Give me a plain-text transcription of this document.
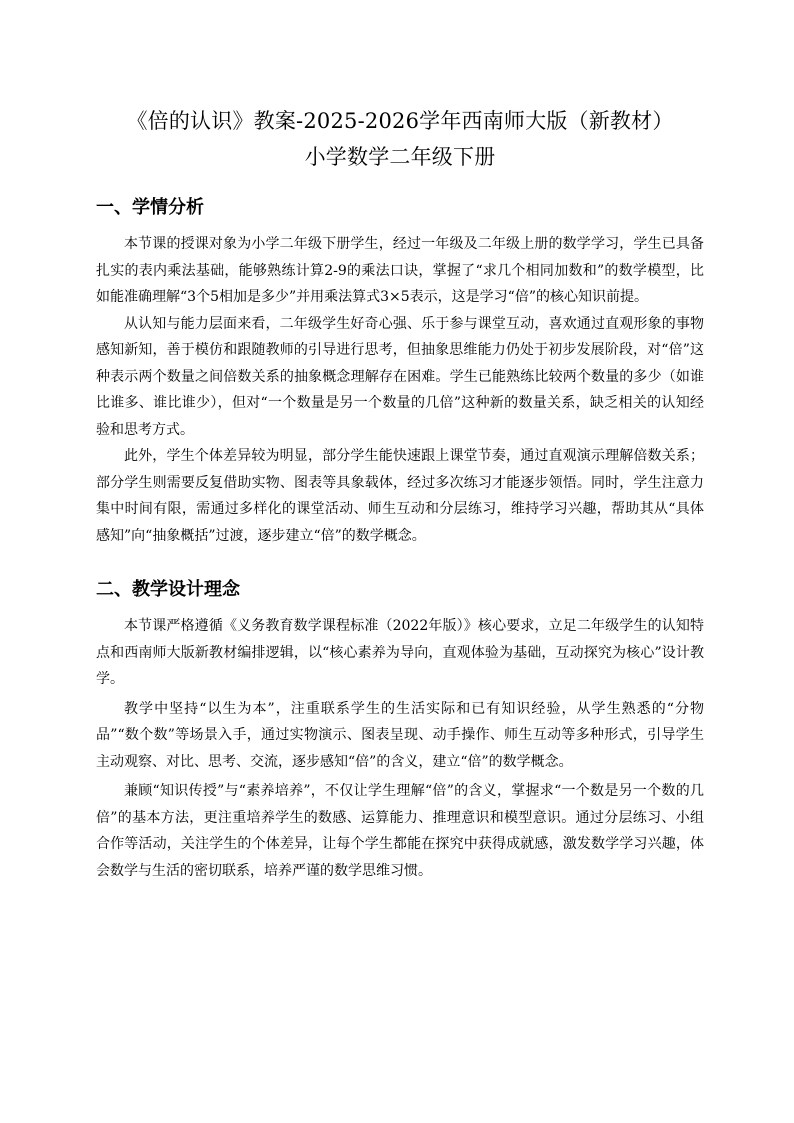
《倍的认识》教案-2025-2026学年西南师大版（新教材）
小学数学二年级下册
一、学情分析

本节课的授课对象为小学二年级下册学生，经过一年级及二年级上册的数学学习，学生已具备扎实的表内乘法基础，能够熟练计算2-9的乘法口诀，掌握了“求几个相同加数和”的数学模型，比如能准确理解“3个5相加是多少”并用乘法算式3×5表示，这是学习“倍”的核心知识前提。

从认知与能力层面来看，二年级学生好奇心强、乐于参与课堂互动，喜欢通过直观形象的事物感知新知，善于模仿和跟随教师的引导进行思考，但抽象思维能力仍处于初步发展阶段，对“倍”这种表示两个数量之间倍数关系的抽象概念理解存在困难。学生已能熟练比较两个数量的多少（如谁比谁多、谁比谁少），但对“一个数量是另一个数量的几倍”这种新的数量关系，缺乏相关的认知经验和思考方式。

此外，学生个体差异较为明显，部分学生能快速跟上课堂节奏，通过直观演示理解倍数关系；部分学生则需要反复借助实物、图表等具象载体，经过多次练习才能逐步领悟。同时，学生注意力集中时间有限，需通过多样化的课堂活动、师生互动和分层练习，维持学习兴趣，帮助其从“具体感知”向“抽象概括”过渡，逐步建立“倍”的数学概念。

二、教学设计理念

本节课严格遵循《义务教育数学课程标准（2022年版）》核心要求，立足二年级学生的认知特点和西南师大版新教材编排逻辑，以“核心素养为导向，直观体验为基础，互动探究为核心”设计教学。

教学中坚持“以生为本”，注重联系学生的生活实际和已有知识经验，从学生熟悉的“分物品”“数个数”等场景入手，通过实物演示、图表呈现、动手操作、师生互动等多种形式，引导学生主动观察、对比、思考、交流，逐步感知“倍”的含义，建立“倍”的数学概念。

兼顾“知识传授”与“素养培养”，不仅让学生理解“倍”的含义，掌握求“一个数是另一个数的几倍”的基本方法，更注重培养学生的数感、运算能力、推理意识和模型意识。通过分层练习、小组合作等活动，关注学生的个体差异，让每个学生都能在探究中获得成就感，激发数学学习兴趣，体会数学与生活的密切联系，培养严谨的数学思维习惯。
